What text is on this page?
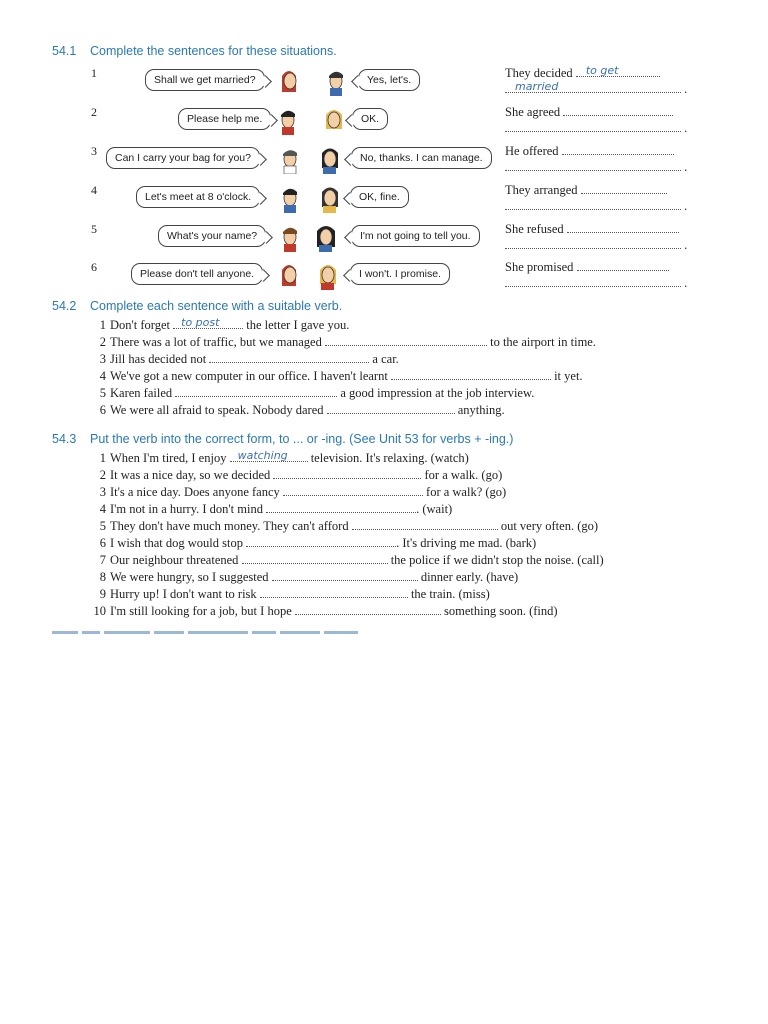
54.1 Complete the sentences for these situations.
1	Shall we get married?	Yes, let's.	They decided to get
married	.
2	Please help me.	OK.	She agreed
.
3	Can I carry your bag for you?	No, thanks. I can manage.	He offered
.
4	Let's meet at 8 o'clock.	OK, fine.	They arranged
.
5	What's your name?	I'm not going to tell you.	She refused
.
6	Please don't tell anyone.	I won't. I promise.	She promised
.
54.2 Complete each sentence with a suitable verb.
1 Don't forget to post the letter I gave you.
2 There was a lot of traffic, but we managed	to the airport in time.
3 Jill has decided not	a car.
4 We've got a new computer in our office. I haven't learnt	it yet.
5 Karen failed	a good impression at the job interview.
6 We were all afraid to speak. Nobody dared	anything.
54.3 Put the verb into the correct form, to ... or -ing. (See Unit 53 for verbs + -ing.)
1 When I'm tired, I enjoy watching television. It's relaxing. (watch)
2 It was a nice day, so we decided	for a walk. (go)
3 It's a nice day. Does anyone fancy	for a walk? (go)
4 I'm not in a hurry. I don't mind	. (wait)
5 They don't have much money. They can't afford	out very often. (go)
6 I wish that dog would stop	. It's driving me mad. (bark)
7 Our neighbour threatened	the police if we didn't stop the noise. (call)
8 We were hungry, so I suggested	dinner early. (have)
9 Hurry up! I don't want to risk	the train. (miss)
10 I'm still looking for a job, but I hope	something soon. (find)
